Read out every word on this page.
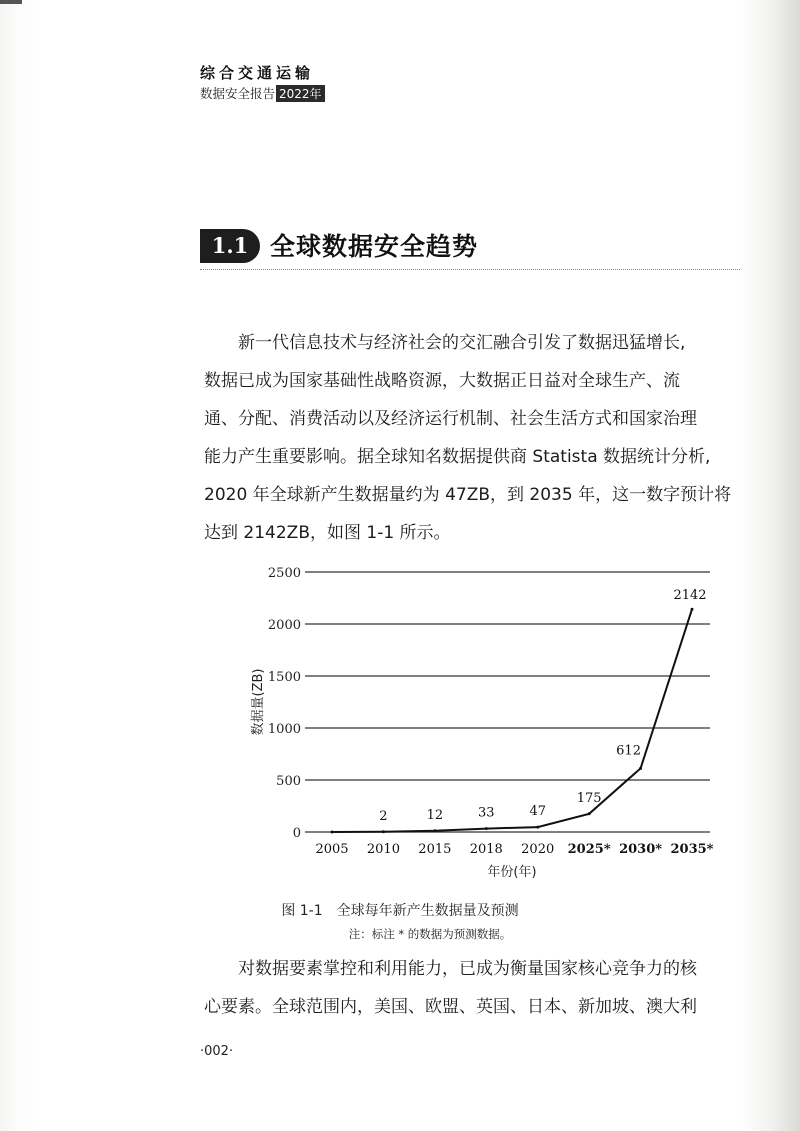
综合交通运输
数据安全报告 2022年
1.1 全球数据安全趋势

新一代信息技术与经济社会的交汇融合引发了数据迅猛增长,

数据已成为国家基础性战略资源，大数据正日益对全球生产、流

通、分配、消费活动以及经济运行机制、社会生活方式和国家治理

能力产生重要影响。据全球知名数据提供商 Statista 数据统计分析,

2020 年全球新产生数据量约为 47ZB，到 2035 年，这一数字预计将

达到 2142ZB，如图 1-1 所示。

0
500
1000
1500
2000
2500
数据量(ZB)
2005 2010 2015 2018 2020 2025* 2030* 2035*
年份(年)
2	12	33	47
175
612
2142
图 1-1 全球每年新产生数据量及预测
注：标注 * 的数据为预测数据。

对数据要素掌控和利用能力，已成为衡量国家核心竞争力的核

心要素。全球范围内，美国、欧盟、英国、日本、新加坡、澳大利

·002·
